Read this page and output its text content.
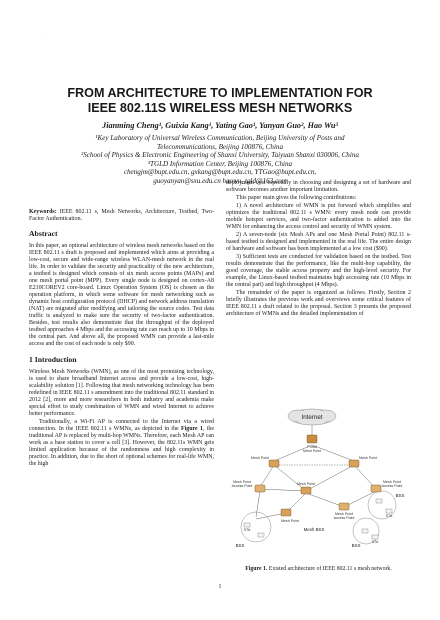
·
FROM ARCHITECTURE TO IMPLEMENTATION FOR
IEEE 802.11S WIRELESS MESH NETWORKS

Jianming Cheng¹, Guixia Kang¹, Yating Gao¹, Yanyan Guo², Hao Wu³

¹Key Laboratory of Universal Wireless Communication, Beijing University of Posts and

Telecommunications, Beijing 100876, China

²School of Physics & Electronic Engineering of Shanxi University, Taiyuan Shanxi 030006, China

³TGLD Information Center, Beijing 100876, China

chengjm@bupt.edu.cn, gxkang@bupt.edu.cn, YTGao@bupt.edu.cn,

guoyanyan@sxu.edu.cn haowu_tgld@163.com

Keywords: IEEE 802.11 s, Mesh Networks, Architecture, Testbed, Two-Factor Authentication.

Abstract

In this paper, an optional architecture of wireless mesh networks based on the IEEE 802.11 s draft is proposed and implemented which aims at providing a low-cost, secure and wide-range wireless WLAN-mesh network in the real life. In order to validate the security and practicality of the new architecture, a testbed is designed which consists of six mesh access points (MAPs) and one mesh portal point (MPP). Every single node is designed on cortex-A8 E210COREV2 core-board. Linux Operation System (OS) is chosen as the operation platform, in which some software for mesh networking such as dynamic host configuration protocol (DHCP) and network address translation (NAT) are migrated after modifying and tailoring the source codes. Test data traffic is analyzed to make sure the security of two-factor authentication. Besides, test results also demonstrate that the throughput of the deployed testbed approaches 4 Mbps and the accessing rate can reach up to 10 Mbps in the central part. And above all, the proposed WMN can provide a last-mile access and the cost of each node is only $90.

1 Introduction

Wireless Mesh Networks (WMN), as one of the most promising technology, is used to share broadband Internet access and provide a low-cost, high-scalability solution [1]. Following that mesh networking technology has been redefined in IEEE 802.11 s amendment into the traditional 802.11 standard in 2012 [2], more and more researchers in both industry and academia make special effort to study combination of WMN and wired Internet to achieve better performance.

Traditionally, a Wi-Fi AP is connected to the Internet via a wired connection. In the IEEE 802.11 s WMNs, as depicted in the Figure 1, the traditional AP is replaced by multi-hop WMNs. Therefore, each Mesh AP can work as a base station to cover a cell [3]. However, the 802.11s WMN gets limited application because of the randomness and high complexity in practice. In addition, due to the short of optional schemes for real-life WMN, the high

deployment cost especially in choosing and designing a set of hardware and software becomes another important limitation.

This paper main gives the following contributions:

1) A novel architecture of WMN is put forward which simplifies and optimizes the traditional 802.11 s WMN: every mesh node can provide mobile hotspot services, and two-factor authentication is added into the WMN for enhancing the access control and security of WMN system.

2) A seven-node (six Mesh APs and one Mesh Portal Point) 802.11 s-based testbed is designed and implemented in the real life. The entire design of hardware and software has been implemented at a low cost ($90).

3) Sufficient tests are conducted for validation based on the testbed. Test results demonstrate that the performance, like the multi-hop capability, the good coverage, the stable access property and the high-level security. For example, the Linux-based testbed maintains high accessing rate (10 Mbps in the central part) and high throughput (4 Mbps).

The remainder of the paper is organized as follows. Firstly, Section 2 briefly illustrates the previous work and overviews some critical features of IEEE 802.11 s draft related to the proposal. Section 3 presents the proposed architecture of WMNs and the detailed implementation of

Internet
Portal
Mesh Point
Mesh Point	Mesh Point
Mesh Point
Mesh Point
Mesh Point
Access Point
Mesh Point
Access Point
Mesh Point
Access Point
STA
STA
STA
Mesh BSS
BSS
BSS
BSS

Figure 1. Existed architecture of IEEE 802.11 s mesh network.

1
